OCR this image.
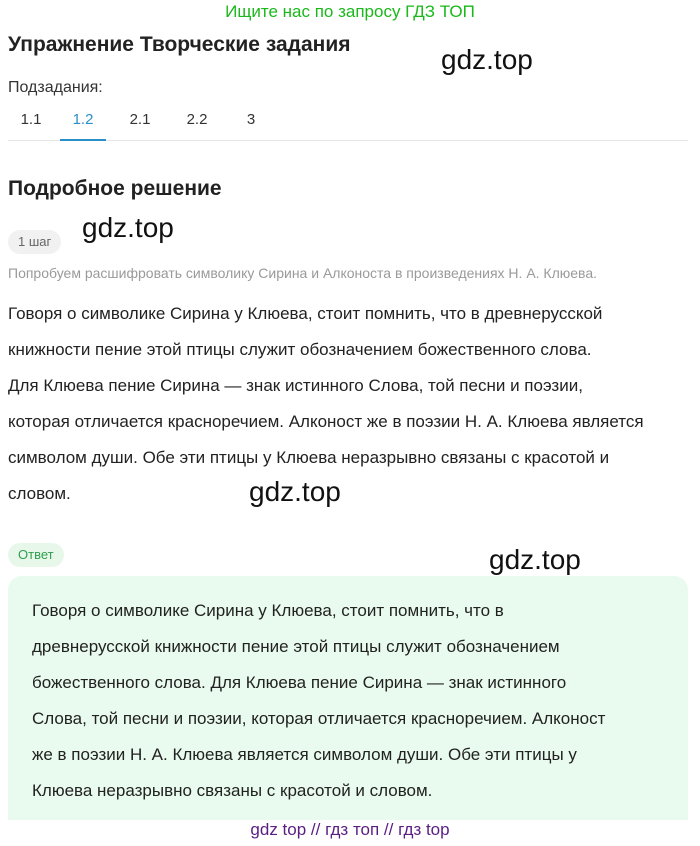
Ищите нас по запросу ГДЗ ТОП
Упражнение Творческие задания	gdz.top
Подзадания:
1.1	1.2	2.1	2.2	3
Подробное решение
1 шаг	gdz.top
Попробуем расшифровать символику Сирина и Алконоста в произведениях Н. А. Клюева.
Говоря о символике Сирина у Клюева, стоит помнить, что в древнерусской
книжности пение этой птицы служит обозначением божественного слова.
Для Клюева пение Сирина — знак истинного Слова, той песни и поэзии,
которая отличается красноречием. Алконост же в поэзии Н. А. Клюева является
символом души. Обе эти птицы у Клюева неразрывно связаны с красотой и
словом.	gdz.top
Ответ
Говоря о символике Сирина у Клюева, стоит помнить, что в
древнерусской книжности пение этой птицы служит обозначением
божественного слова. Для Клюева пение Сирина — знак истинного
Слова, той песни и поэзии, которая отличается красноречием. Алконост
же в поэзии Н. А. Клюева является символом души. Обе эти птицы у
Клюева неразрывно связаны с красотой и словом.
gdz.top
gdz top // гдз топ // гдз top
